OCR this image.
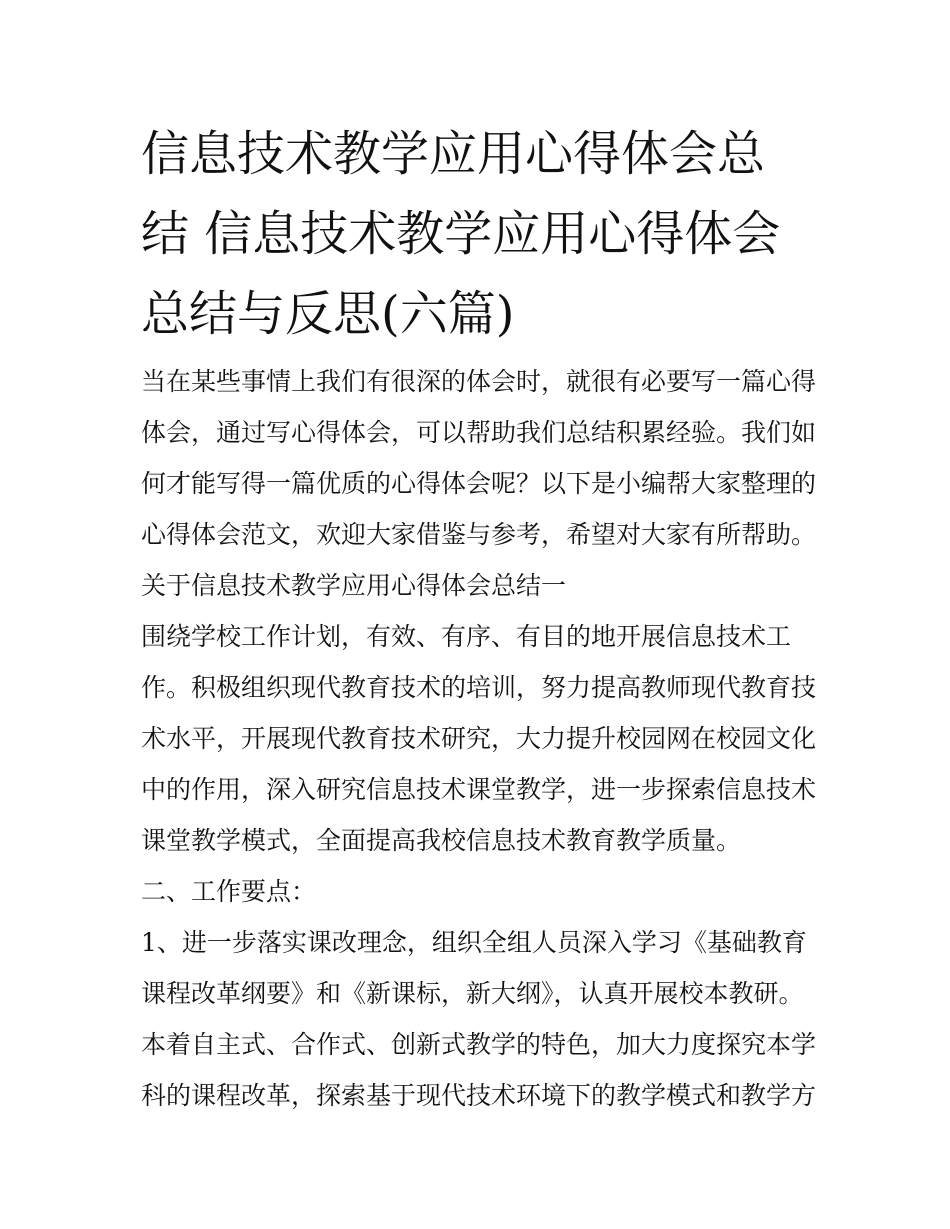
信息技术教学应用心得体会总
结 信息技术教学应用心得体会
总结与反思(六篇)

当在某些事情上我们有很深的体会时，就很有必要写一篇心得
体会，通过写心得体会，可以帮助我们总结积累经验。我们如
何才能写得一篇优质的心得体会呢？以下是小编帮大家整理的
心得体会范文，欢迎大家借鉴与参考，希望对大家有所帮助。

关于信息技术教学应用心得体会总结一

围绕学校工作计划，有效、有序、有目的地开展信息技术工
作。积极组织现代教育技术的培训，努力提高教师现代教育技
术水平，开展现代教育技术研究，大力提升校园网在校园文化
中的作用，深入研究信息技术课堂教学，进一步探索信息技术
课堂教学模式，全面提高我校信息技术教育教学质量。

二、工作要点：

1、进一步落实课改理念，组织全组人员深入学习《基础教育
课程改革纲要》和《新课标，新大纲》，认真开展校本教研。
本着自主式、合作式、创新式教学的特色，加大力度探究本学
科的课程改革，探索基于现代技术环境下的教学模式和教学方
